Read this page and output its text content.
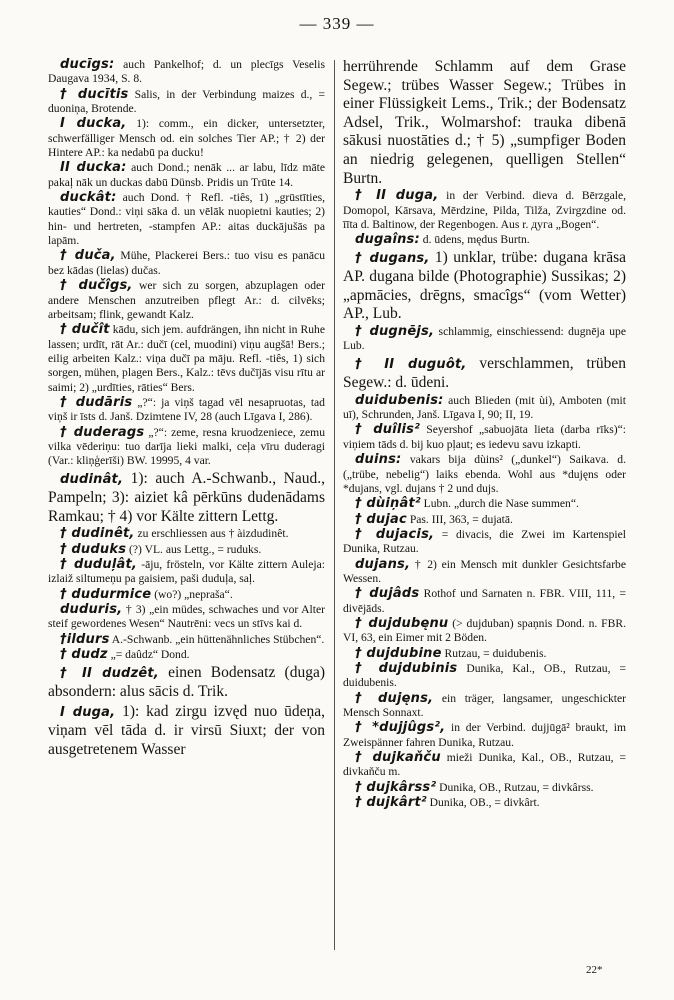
— 339 —

ducīgs: auch Pankelhof; d. un plecīgs Veselis Daugava 1934, S. 8.

† ducītis Salis, in der Verbindung maizes d., = duoniņa, Brotende.

I ducka, 1): comm., ein dicker, untersetzter, schwerfälliger Mensch od. ein solches Tier AP.; † 2) der Hintere AP.: ka nedabū pa ducku!

II ducka: auch Dond.; nenāk ... ar labu, līdz māte pakaļ nāk un duckas dabū Dünsb. Pridis un Trūte 14.

duckât: auch Dond. † Refl. -tiês, 1) „grūstīties, kauties“ Dond.: viņi sāka d. un vēlāk nuopietni kauties; 2) hin- und hertreten, -stampfen AP.: aitas duckājušās pa lapām.

† duča, Mühe, Plackerei Bers.: tuo visu es panācu bez kādas (lielas) dučas.

† dučîgs, wer sich zu sorgen, abzuplagen oder andere Menschen anzutreiben pflegt Ar.: d. cilvēks; arbeitsam; flink, gewandt Kalz.

† dučît kādu, sich jem. aufdrängen, ihn nicht in Ruhe lassen; urdīt, rāt Ar.: dučī (cel, muodini) viņu augšā! Bers.; eilig arbeiten Kalz.: viņa dučī pa māju. Refl. -tiês, 1) sich sorgen, mühen, plagen Bers., Kalz.: tēvs dučījās visu rītu ar saimi; 2) „urdīties, rāties“ Bers.

† dudāris „?“: ja viņš tagad vēl nesapruotas, tad viņš ir īsts d. Janš. Dzimtene IV, 28 (auch Līgava I, 286).

† duderags „?“: zeme, resna kruodzeniece, zemu vilka vēderiņu: tuo darīja lieki malki, ceļa vīru duderagi (Var.: kliņģerīši) BW. 19995, 4 var.

dudinât, 1): auch A.-Schwanb., Naud., Pampeln; 3): aiziet kâ pērkūns dudenādams Ramkau; † 4) vor Kälte zittern Lettg.

† dudinêt, zu erschliessen aus † àizdudinêt.

† duduks (?) VL. aus Lettg., = ruduks.

† duduļât, -āju, frösteln, vor Kälte zittern Auleja: izlaiž siltumeņu pa gaisiem, paši duduļa, saļ.

† dudurmice (wo?) „nepraša“.

duduris, † 3) „ein müdes, schwaches und vor Alter steif gewordenes Wesen“ Nautrēni: vecs un stīvs kai d.

†ildurs A.-Schwanb. „ein hüttenähnliches Stübchen“.

† dudz „= daûdz“ Dond.

† II dudzêt, einen Bodensatz (duga) absondern: alus sācis d. Trik.

I duga, 1): kad zirgu izvęd nuo ūdeņa, viņam vēl tāda d. ir virsū Siuxt; der von ausgetretenem Wasser

herrührende Schlamm auf dem Grase Segew.; trübes Wasser Segew.; Trübes in einer Flüssigkeit Lems., Trik.; der Bodensatz Adsel, Trik., Wolmarshof: trauka dibenā sākusi nuostāties d.; † 5) „sumpfiger Boden an niedrig gelegenen, quelligen Stellen“ Burtn.

† II duga, in der Verbind. dieva d. Bērzgale, Domopol, Kārsava, Mērdzine, Pilda, Tilža, Zvirgzdine od. īīta d. Baltinow, der Regenbogen. Aus r. дуга „Bogen“.

dugaîns: d. ūdens, mędus Burtn.

† dugans, 1) unklar, trübe: dugana krāsa AP. dugana bilde (Photographie) Sussikas; 2) „apmācies, drēgns, smacîgs“ (vom Wetter) AP., Lub.

† dugnējs, schlammig, einschiessend: dugnēja upe Lub.

† II duguôt, verschlammen, trüben Segew.: d. ūdeni.

duidubenis: auch Blieden (mit ùi), Amboten (mit uī), Schrunden, Janš. Līgava I, 90; II, 19.

† duîlis² Seyershof „sabuojāta lieta (darba rīks)“: viņiem tāds d. bij kuo pļaut; es iedevu savu izkapti.

duins: vakars bija dùins² („dunkel“) Saikava. d. („trübe, nebelig“) laiks ebenda. Wohl aus *dujęns oder *dujans, vgl. dujans † 2 und dujs.

† dùiņât² Lubn. „durch die Nase summen“.

† dujac Pas. III, 363, = dujatā.

† dujacis, = divacis, die Zwei im Kartenspiel Dunika, Rutzau.

dujans, † 2) ein Mensch mit dunkler Gesichtsfarbe Wessen.

† dujâds Rothof und Sarnaten n. FBR. VIII, 111, = divējāds.

† dujdubęnu (> dujduban) spaņnis Dond. n. FBR. VI, 63, ein Eimer mit 2 Böden.

† dujdubine Rutzau, = duidubenis.

† dujdubinis Dunika, Kal., OB., Rutzau, = duidubenis.

† dujęns, ein träger, langsamer, ungeschickter Mensch Sonnaxt.

† *dujjûgs², in der Verbind. dujjūgā² braukt, im Zweispänner fahren Dunika, Rutzau.

† dujkaňču mieži Dunika, Kal., OB., Rutzau, = divkaňču m.

† dujkârss² Dunika, OB., Rutzau, = divkârss.

† dujkârt² Dunika, OB., = divkârt.

22*
